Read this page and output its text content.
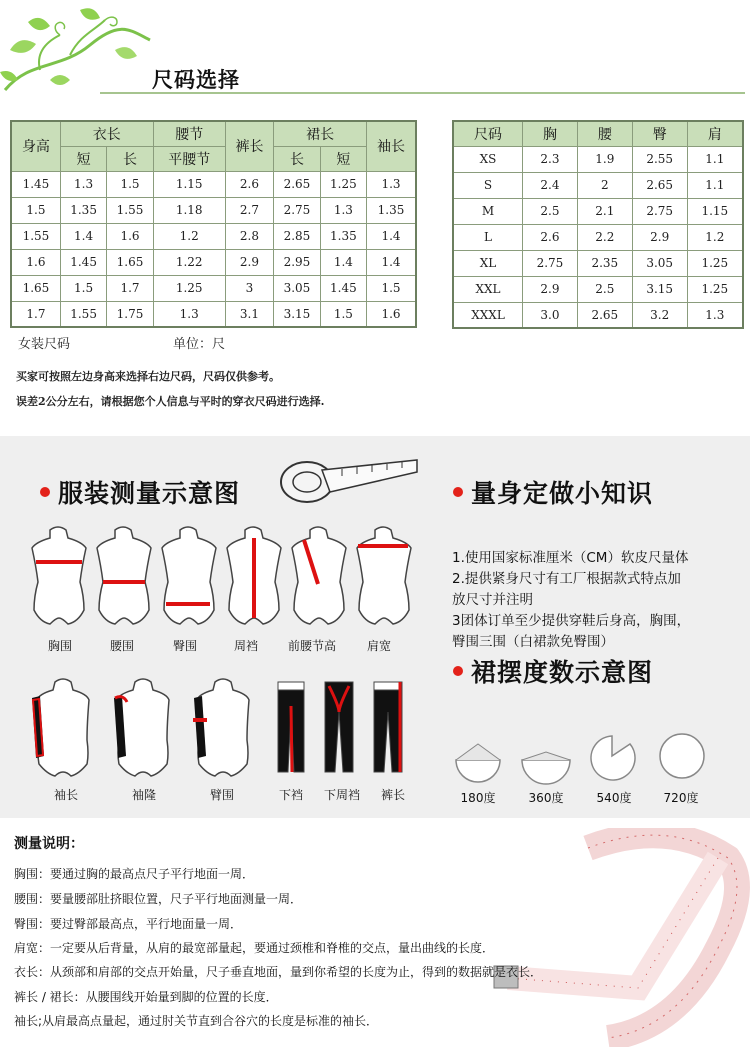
尺码选择
身高	衣长		腰节	裤长	裙长		袖长
	短	长	平腰节		长	短	
1.45	1.3	1.5	1.15	2.6	2.65	1.25	1.3
1.5	1.35	1.55	1.18	2.7	2.75	1.3	1.35
1.55	1.4	1.6	1.2	2.8	2.85	1.35	1.4
1.6	1.45	1.65	1.22	2.9	2.95	1.4	1.4
1.65	1.5	1.7	1.25	3	3.05	1.45	1.5
1.7	1.55	1.75	1.3	3.1	3.15	1.5	1.6
尺码	胸	腰	臀	肩
XS	2.3	1.9	2.55	1.1
S	2.4	2	2.65	1.1
M	2.5	2.1	2.75	1.15
L	2.6	2.2	2.9	1.2
XL	2.75	2.35	3.05	1.25
XXL	2.9	2.5	3.15	1.25
XXXL	3.0	2.65	3.2	1.3
女装尺码	单位：尺
买家可按照左边身高来选择右边尺码，尺码仅供参考。
误差2公分左右，请根据您个人信息与平时的穿衣尺码进行选择.
服装测量示意图	量身定做小知识
胸围	腰围	臀围	周裆	前腰节高	肩宽
袖长	袖隆	臂围	下裆	下周裆	裤长
1.使用国家标准厘米（CM）软皮尺量体
2.提供紧身尺寸有工厂根据款式特点加
放尺寸并注明
3团体订单至少提供穿鞋后身高，胸围，
臀围三围（白裙款免臀围）
裙摆度数示意图
180度	360度	540度	720度
测量说明：
胸围：要通过胸的最高点尺子平行地面一周．
腰围：要量腰部肚挤眼位置，尺子平行地面测量一周．
臀围：要过臀部最高点，平行地面量一周．
肩宽：一定要从后背量，从肩的最宽部量起，要通过颈椎和脊椎的交点，量出曲线的长度．
衣长：从颈部和肩部的交点开始量，尺子垂直地面，量到你希望的长度为止，得到的数据就是衣长．
裤长 / 裙长：从腰围线开始量到脚的位置的长度．
袖长;从肩最高点量起，通过肘关节直到合谷穴的长度是标准的袖长．
